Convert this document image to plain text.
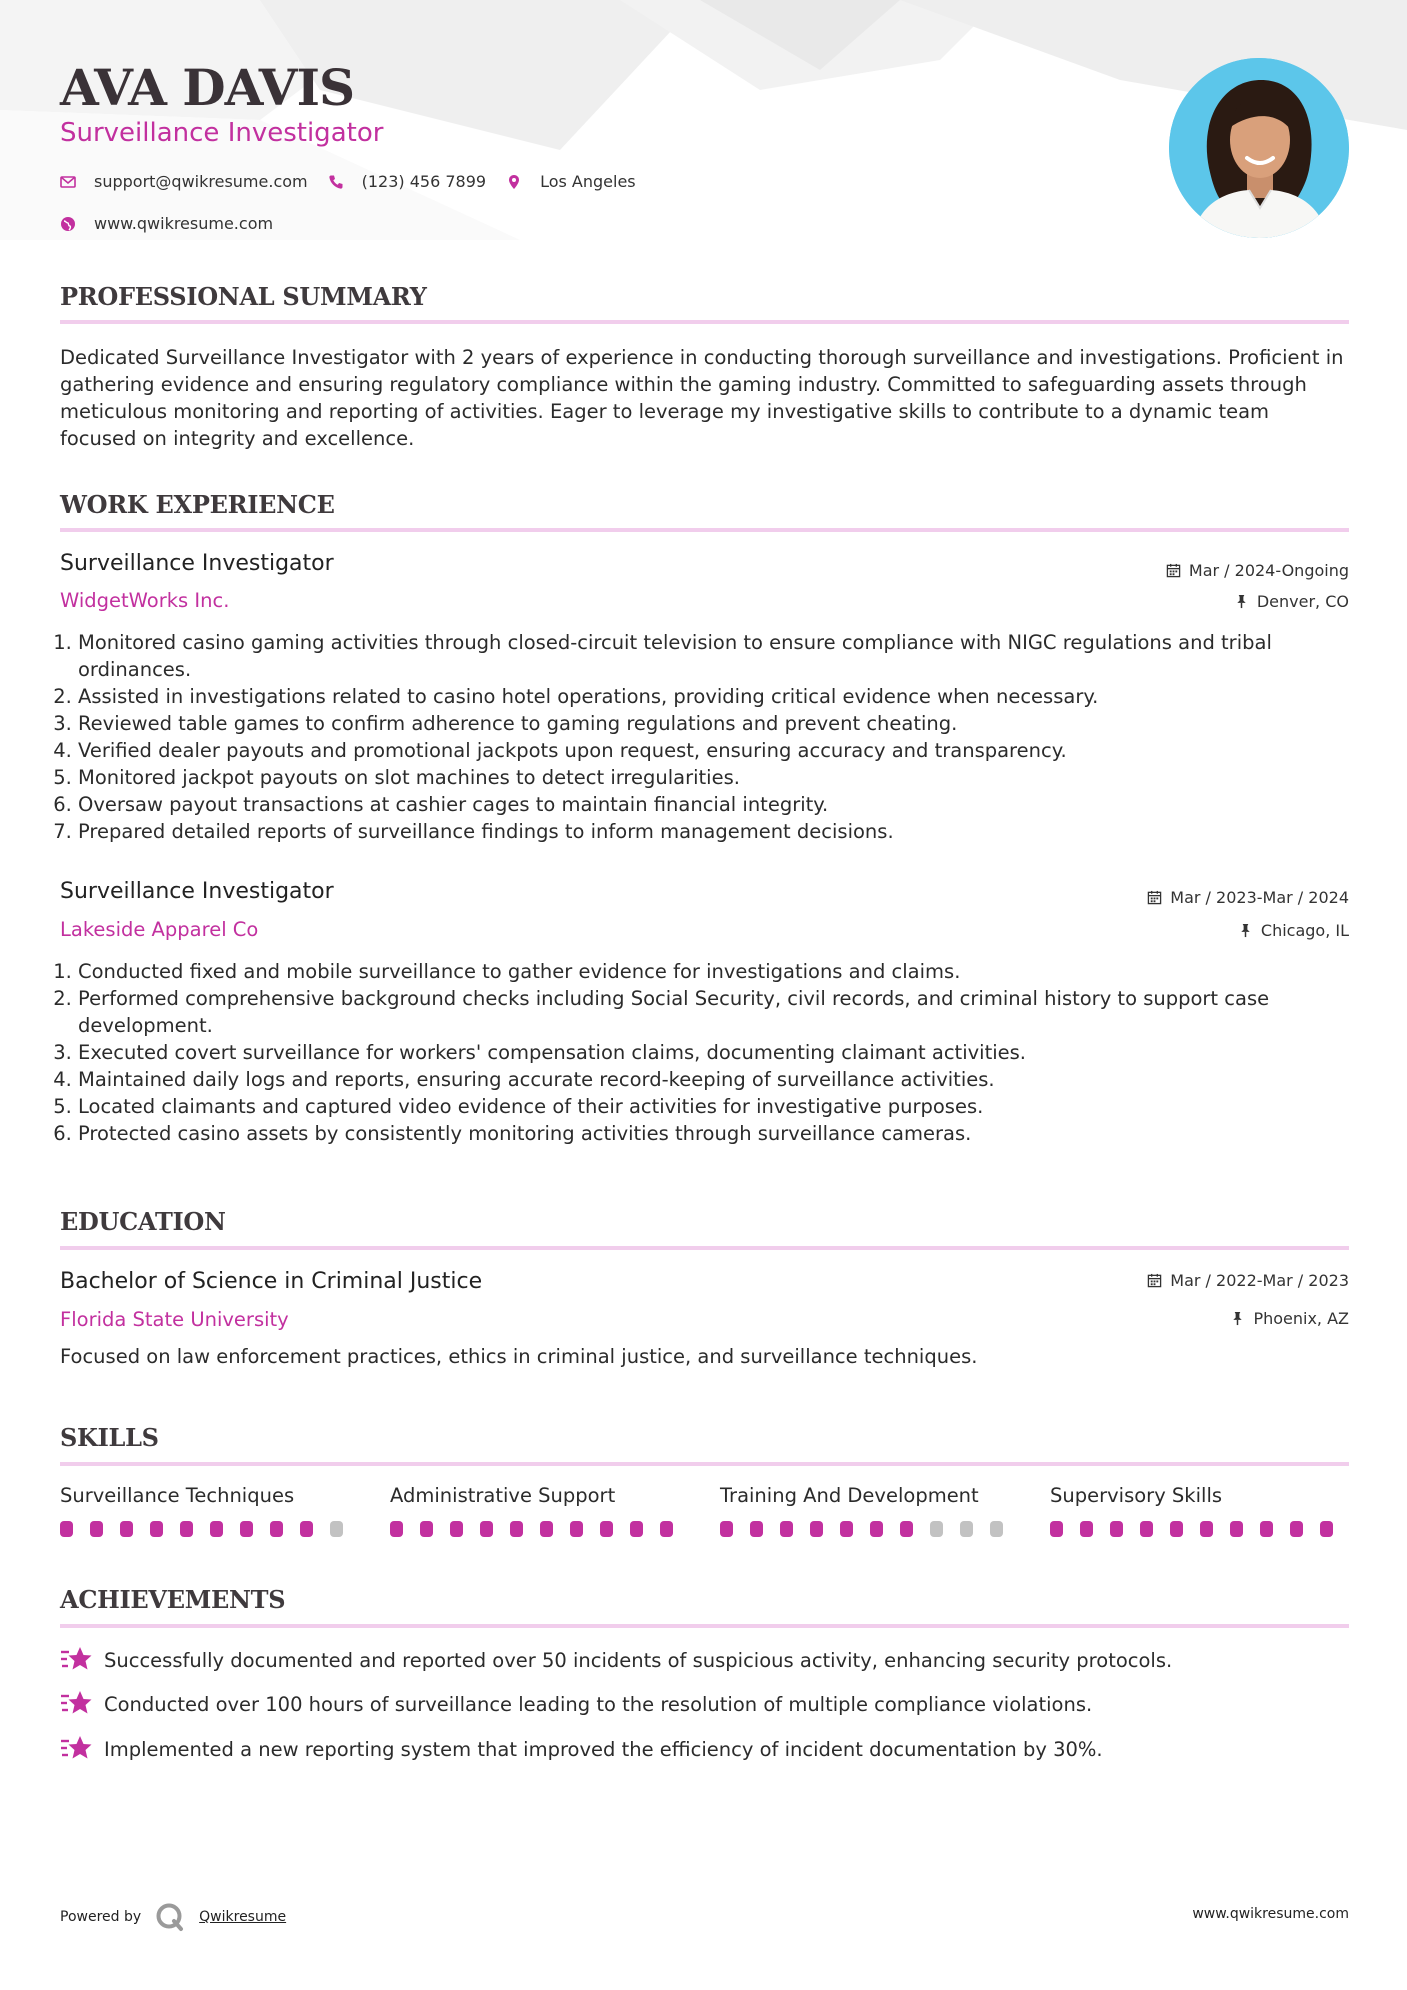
AVA DAVIS
Surveillance Investigator
support@qwikresume.com	(123) 456 7899	Los Angeles
www.qwikresume.com
PROFESSIONAL SUMMARY
Dedicated Surveillance Investigator with 2 years of experience in conducting thorough surveillance and investigations. Proficient in gathering evidence and ensuring regulatory compliance within the gaming industry. Committed to safeguarding assets through meticulous monitoring and reporting of activities. Eager to leverage my investigative skills to contribute to a dynamic team focused on integrity and excellence.
WORK EXPERIENCE
Surveillance Investigator	Mar / 2024-Ongoing
WidgetWorks Inc.	Denver, CO
1. Monitored casino gaming activities through closed-circuit television to ensure compliance with NIGC regulations and tribal ordinances.
2. Assisted in investigations related to casino hotel operations, providing critical evidence when necessary.
3. Reviewed table games to confirm adherence to gaming regulations and prevent cheating.
4. Verified dealer payouts and promotional jackpots upon request, ensuring accuracy and transparency.
5. Monitored jackpot payouts on slot machines to detect irregularities.
6. Oversaw payout transactions at cashier cages to maintain financial integrity.
7. Prepared detailed reports of surveillance findings to inform management decisions.
Surveillance Investigator	Mar / 2023-Mar / 2024
Lakeside Apparel Co	Chicago, IL
1. Conducted fixed and mobile surveillance to gather evidence for investigations and claims.
2. Performed comprehensive background checks including Social Security, civil records, and criminal history to support case development.
3. Executed covert surveillance for workers' compensation claims, documenting claimant activities.
4. Maintained daily logs and reports, ensuring accurate record-keeping of surveillance activities.
5. Located claimants and captured video evidence of their activities for investigative purposes.
6. Protected casino assets by consistently monitoring activities through surveillance cameras.
EDUCATION
Bachelor of Science in Criminal Justice	Mar / 2022-Mar / 2023
Florida State University	Phoenix, AZ
Focused on law enforcement practices, ethics in criminal justice, and surveillance techniques.
SKILLS
Surveillance Techniques	Administrative Support	Training And Development	Supervisory Skills
ACHIEVEMENTS
Successfully documented and reported over 50 incidents of suspicious activity, enhancing security protocols.
Conducted over 100 hours of surveillance leading to the resolution of multiple compliance violations.
Implemented a new reporting system that improved the efficiency of incident documentation by 30%.
Powered by	Qwikresume	www.qwikresume.com
